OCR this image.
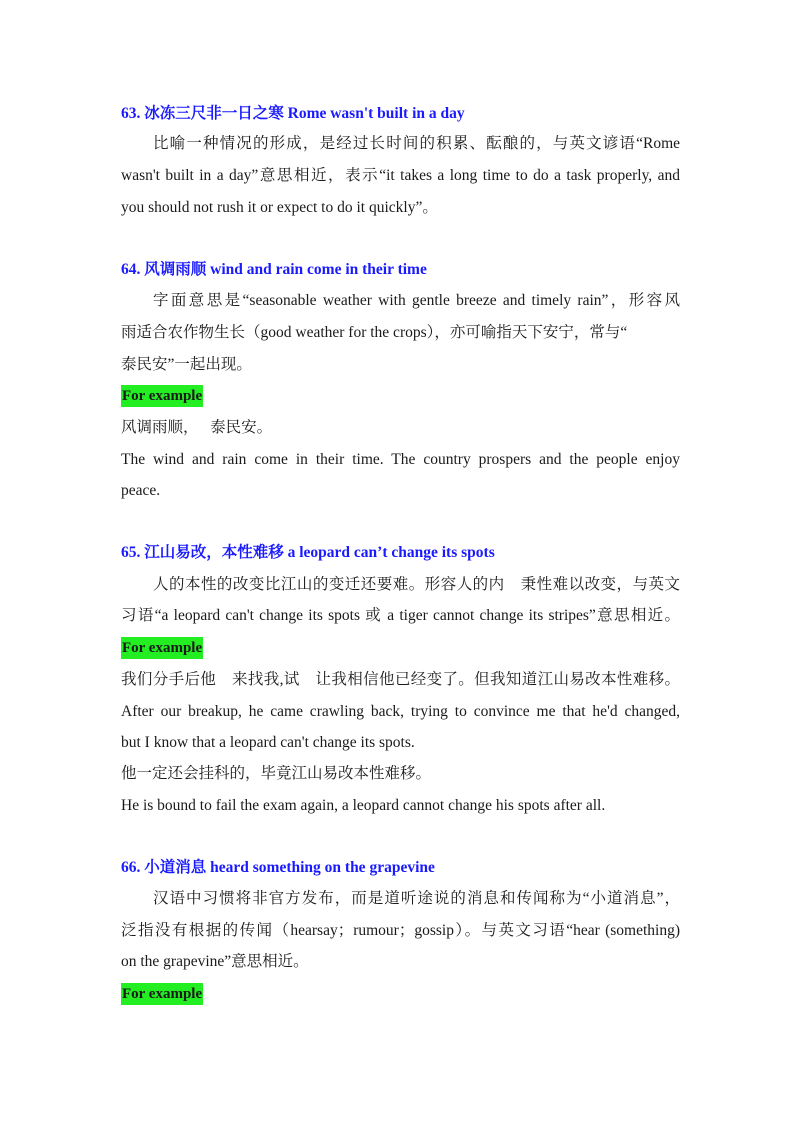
63. 冰冻三尺非一日之寒 Rome wasn't built in a day
比喻一种情况的形成，是经过长时间的积累、酝酿的，与英文谚语“Rome
wasn't built in a day”意思相近，表示“it takes a long time to do a task properly, and
you should not rush it or expect to do it quickly”。
64. 风调雨顺 wind and rain come in their time
字面意思是“seasonable weather with gentle breeze and timely rain”，形容风
雨适合农作物生长（good weather for the crops），亦可喻指天下安宁，常与“
泰民安”一起出现。
For example
风调雨顺，　 泰民安。
The wind and rain come in their time. The country prospers and the people enjoy
peace.
65. 江山易改，本性难移 a leopard can’t change its spots
人的本性的改变比江山的变迁还要难。形容人的内　秉性难以改变，与英文
习语“a leopard can't change its spots 或 a tiger cannot change its stripes”意思相近。
For example
我们分手后他　来找我,试　让我相信他已经变了。但我知道江山易改本性难移。
After our breakup, he came crawling back, trying to convince me that he'd changed,
but I know that a leopard can't change its spots.
他一定还会挂科的，毕竟江山易改本性难移。
He is bound to fail the exam again, a leopard cannot change his spots after all.
66. 小道消息 heard something on the grapevine
汉语中习惯将非官方发布，而是道听途说的消息和传闻称为“小道消息”，
泛指没有根据的传闻（hearsay；rumour；gossip）。与英文习语“hear (something)
on the grapevine”意思相近。
For example
